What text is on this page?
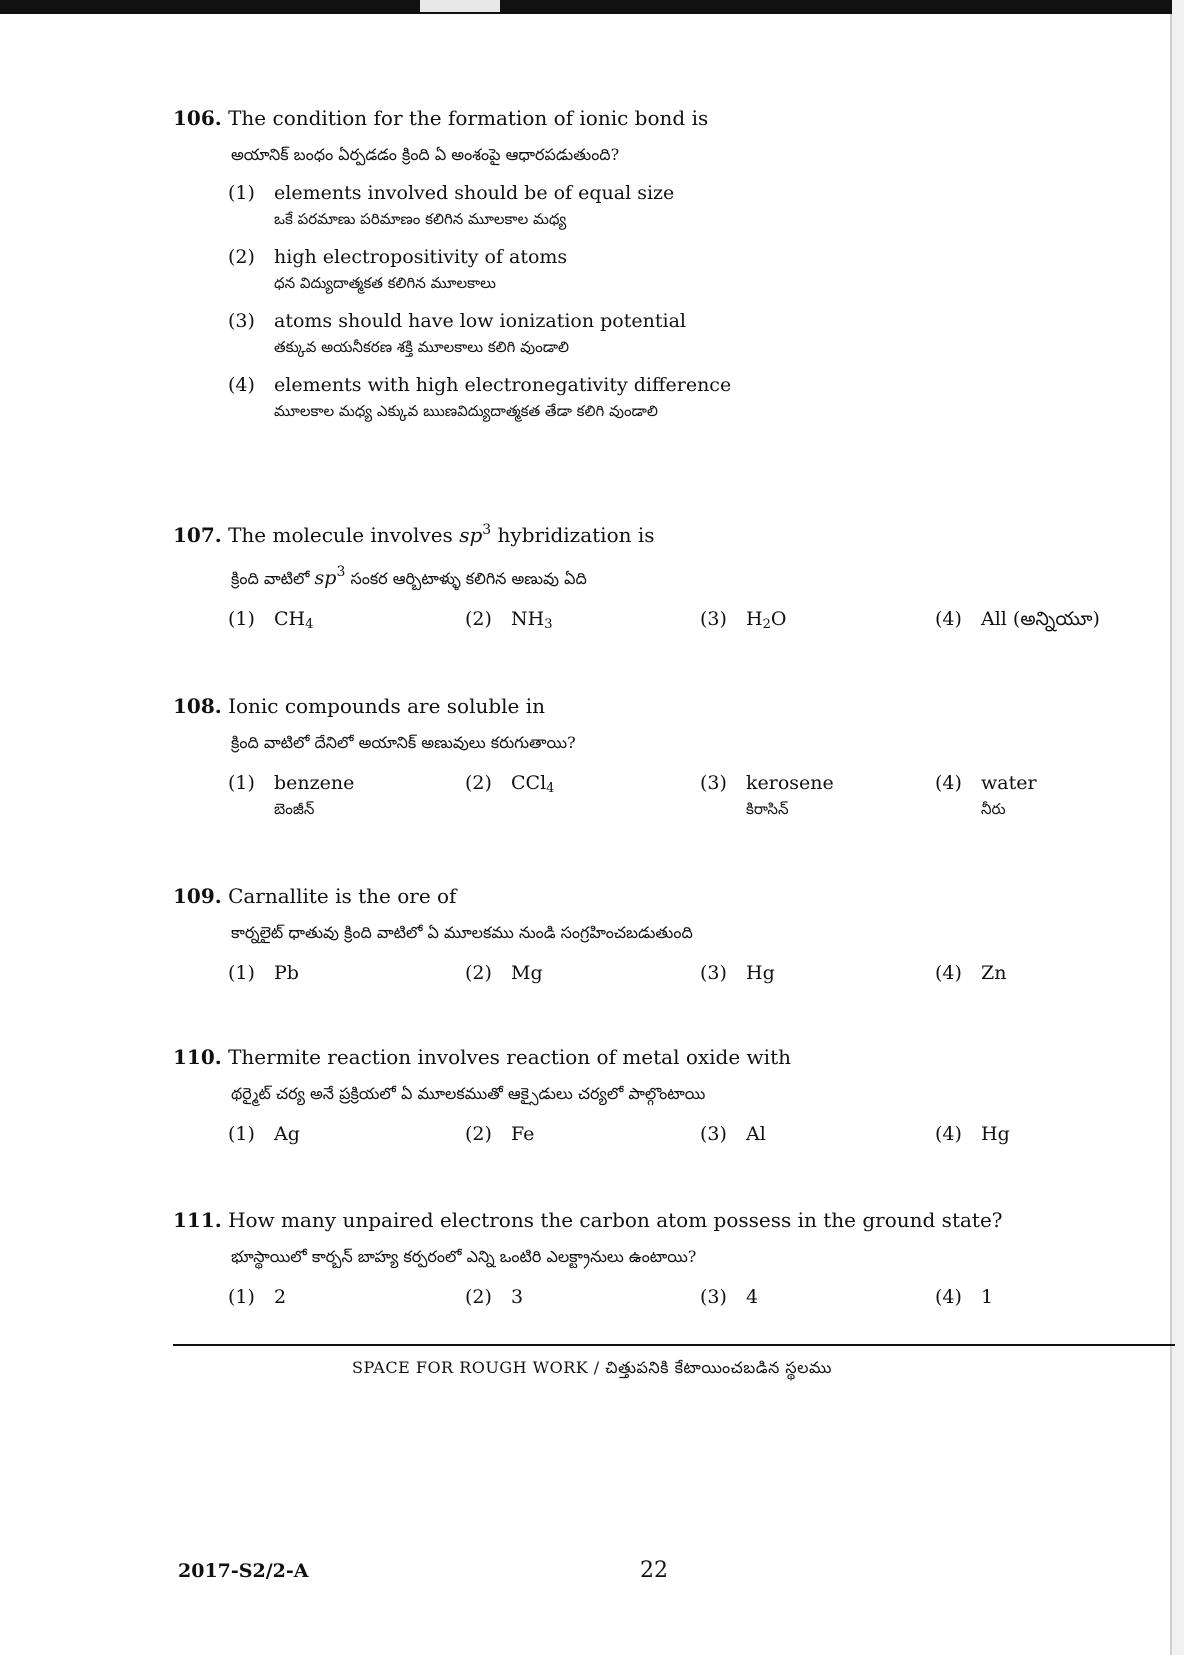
106. The condition for the formation of ionic bond is
అయానిక్ బంధం ఏర్పడడం క్రింది ఏ అంశంపై ఆధారపడుతుంది?
(1)	elements involved should be of equal size
ఒకే పరమాణు పరిమాణం కలిగిన మూలకాల మధ్య
(2)	high electropositivity of atoms
ధన విద్యుదాత్మకత కలిగిన మూలకాలు
(3)	atoms should have low ionization potential
తక్కువ అయనీకరణ శక్తి మూలకాలు కలిగి వుండాలి
(4)	elements with high electronegativity difference
మూలకాల మధ్య ఎక్కువ ఋణవిద్యుదాత్మకత తేడా కలిగి వుండాలి
107. The molecule involves $sp^3$ hybridization is
క్రింది వాటిలో $sp^3$ సంకర ఆర్బిటాళ్ళు కలిగిన అణువు ఏది
(1)	$CH_4$	(2)	$NH_3$	(3)	$H_2O$	(4)	All (అన్నియూ)
108. Ionic compounds are soluble in
క్రింది వాటిలో దేనిలో అయానిక్ అణువులు కరుగుతాయి?
(1)	benzene
బెంజీన్
(2)	CCl$_4$	(3)	kerosene
కిరాసిన్
(4)	water
నీరు
109. Carnallite is the ore of
కార్నలైట్ ధాతువు క్రింది వాటిలో ఏ మూలకము నుండి సంగ్రహించబడుతుంది
(1)	Pb	(2)	Mg	(3)	Hg	(4)	Zn
110. Thermite reaction involves reaction of metal oxide with
థర్మైట్ చర్య అనే ప్రక్రియలో ఏ మూలకముతో ఆక్సైడులు చర్యలో పాల్గొంటాయి
(1)	Ag	(2)	Fe	(3)	Al	(4)	Hg
111. How many unpaired electrons the carbon atom possess in the ground state?
భూస్థాయిలో కార్బన్ బాహ్య కర్పరంలో ఎన్ని ఒంటిరి ఎలక్ట్రానులు ఉంటాయి?
(1)	2	(2)	3	(3)	4	(4)	1
SPACE FOR ROUGH WORK / చిత్తుపనికి కేటాయించబడిన స్థలము
2017-S2/2-A	22
